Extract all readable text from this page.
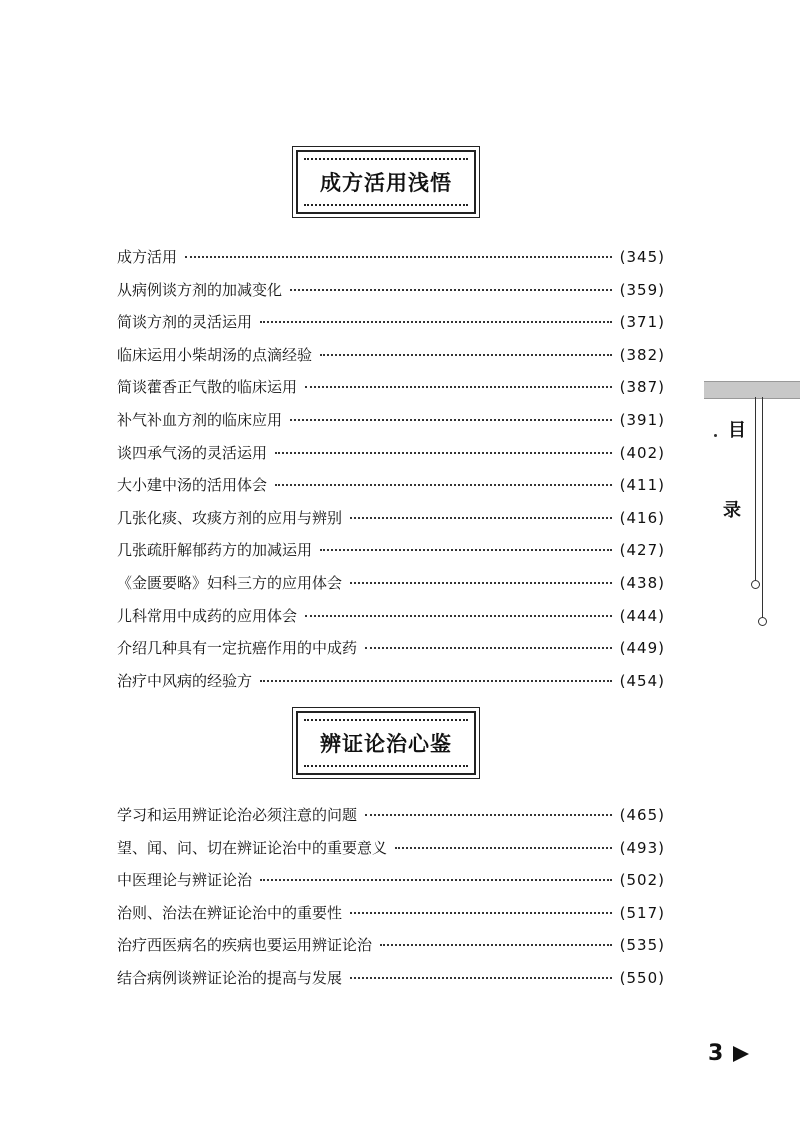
成方活用浅悟
成方活用	(345)
从病例谈方剂的加减变化	(359)
简谈方剂的灵活运用	(371)
临床运用小柴胡汤的点滴经验	(382)
简谈藿香正气散的临床运用	(387)
补气补血方剂的临床应用	(391)
谈四承气汤的灵活运用	(402)
大小建中汤的活用体会	(411)
几张化痰、攻痰方剂的应用与辨别	(416)
几张疏肝解郁药方的加减运用	(427)
《金匮要略》妇科三方的应用体会	(438)
儿科常用中成药的应用体会	(444)
介绍几种具有一定抗癌作用的中成药	(449)
治疗中风病的经验方	(454)
辨证论治心鉴
学习和运用辨证论治必须注意的问题	(465)
望、闻、问、切在辨证论治中的重要意义	(493)
中医理论与辨证论治	(502)
治则、治法在辨证论治中的重要性	(517)
治疗西医病名的疾病也要运用辨证论治	(535)
结合病例谈辨证论治的提高与发展	(550)
目
录
3
